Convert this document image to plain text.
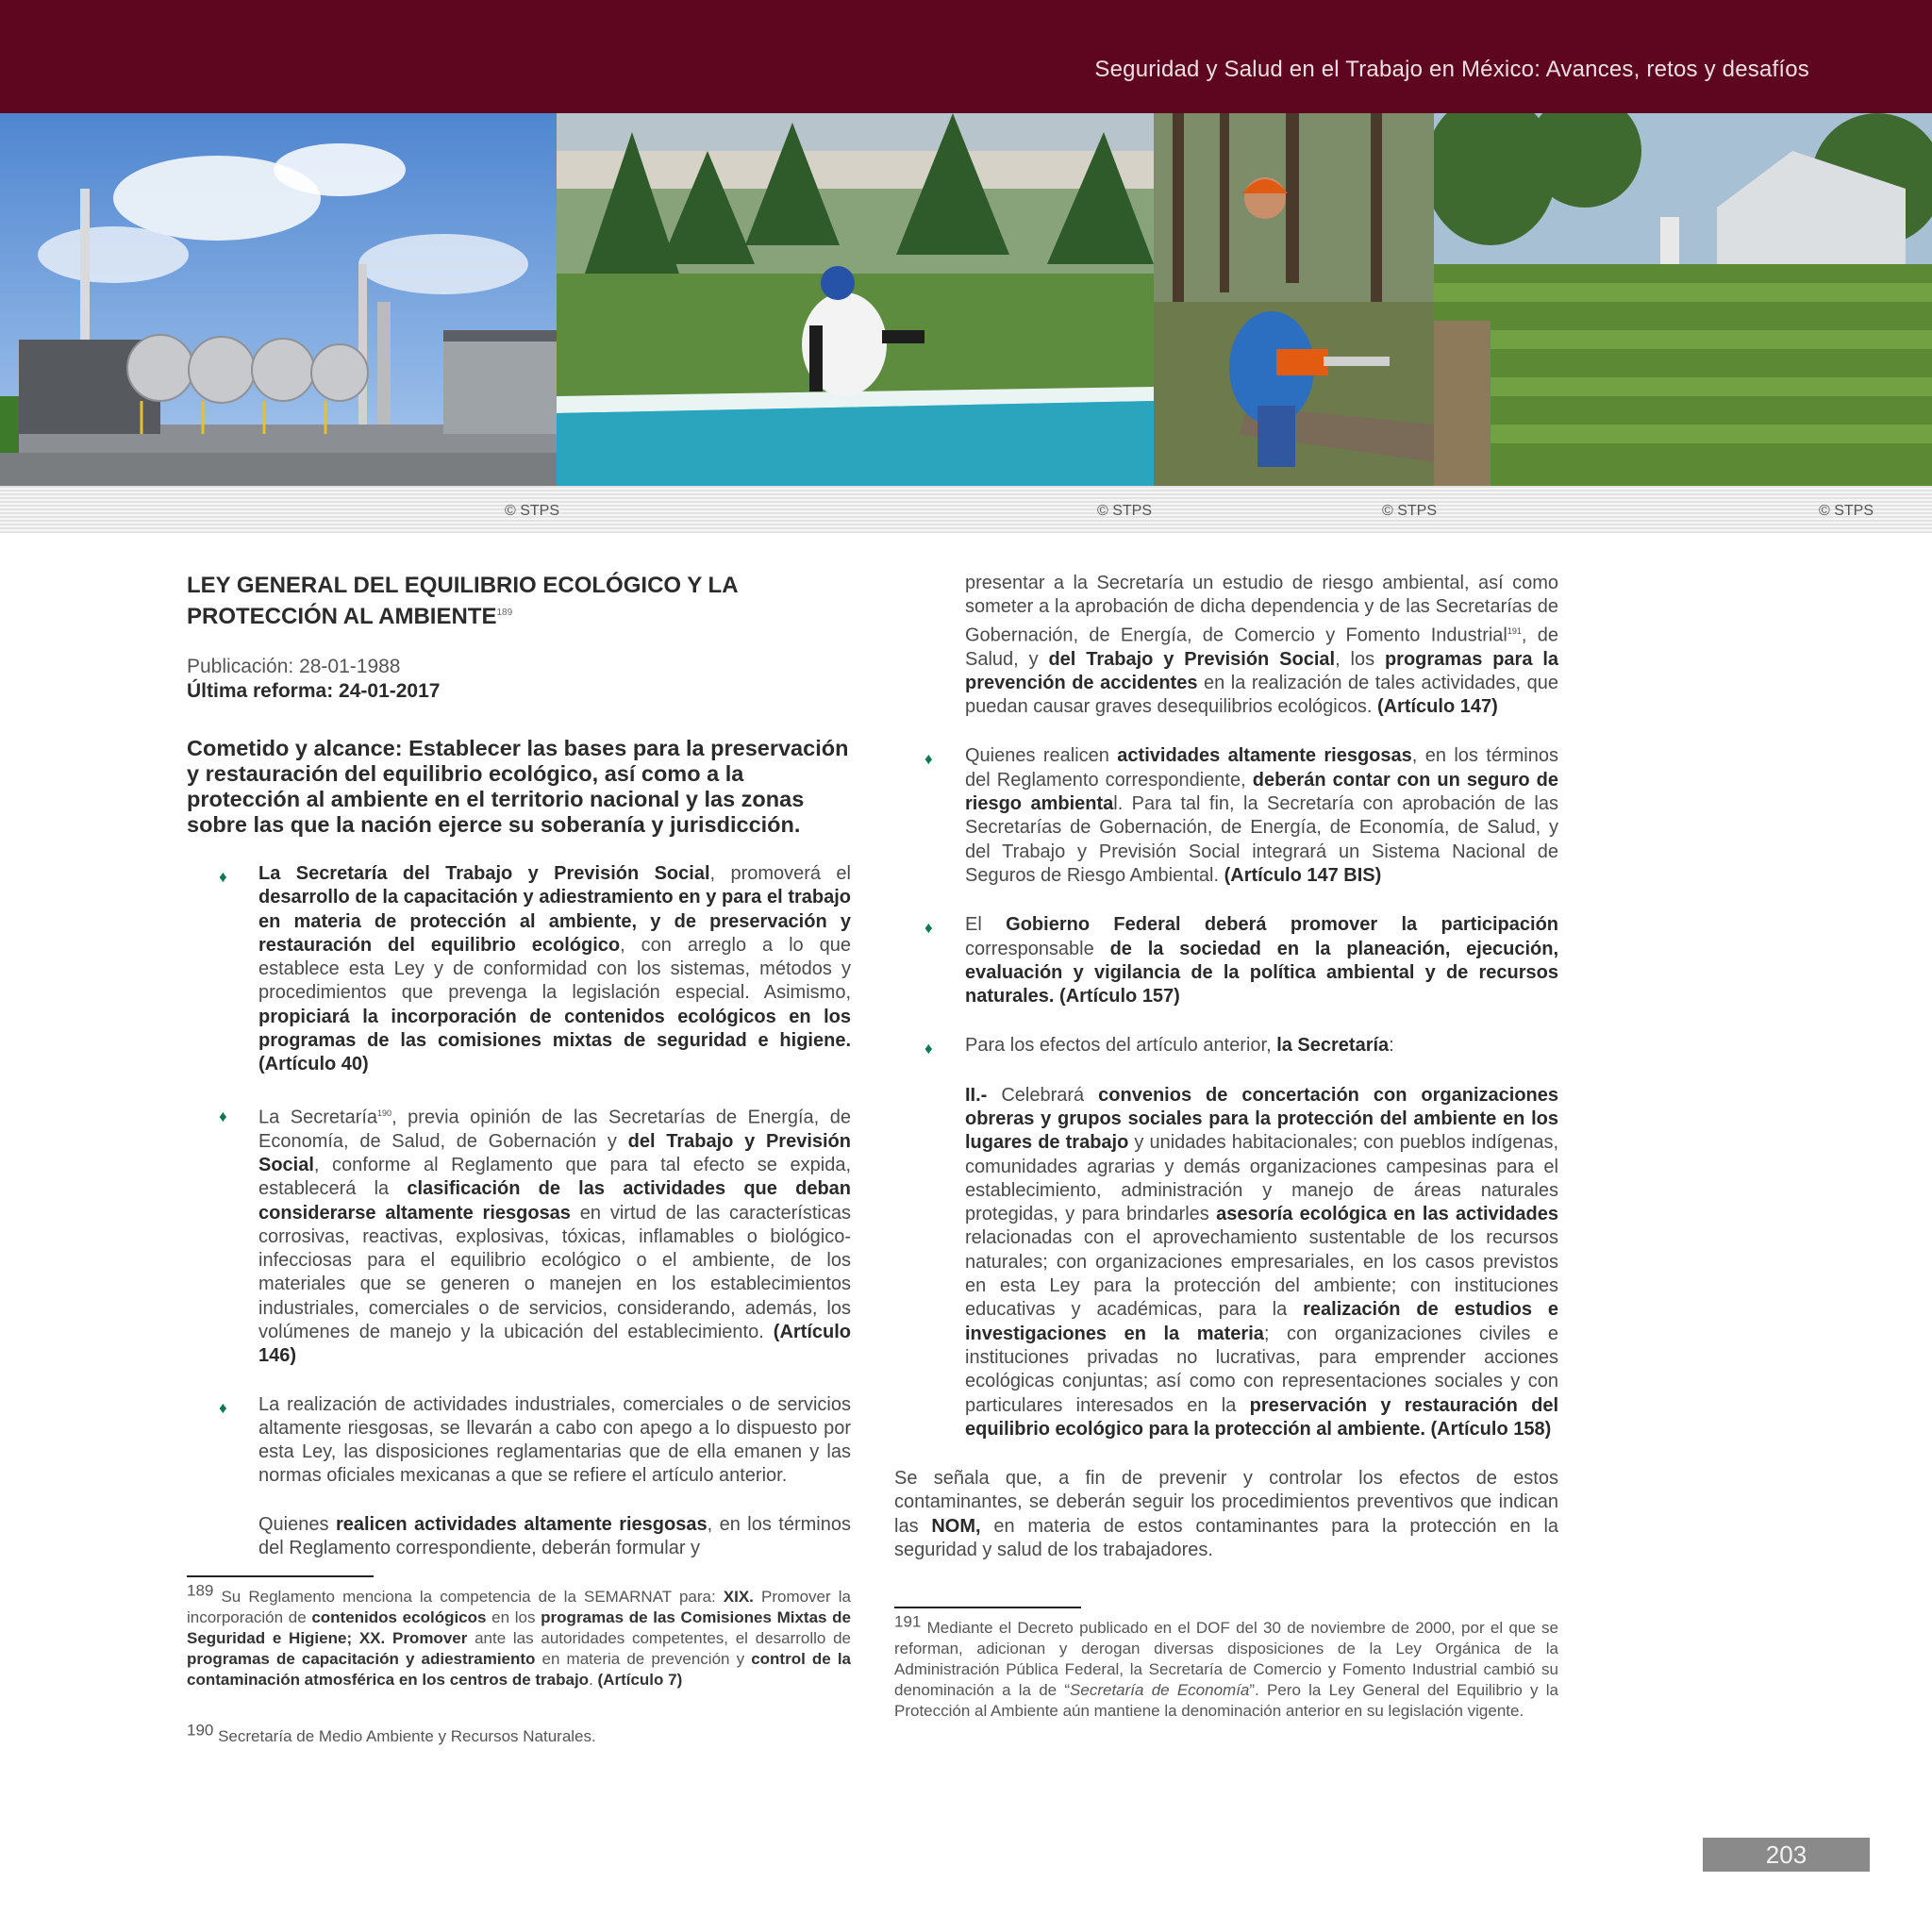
Seguridad y Salud en el Trabajo en México: Avances, retos y desafíos
© STPS	© STPS	© STPS	© STPS
LEY GENERAL DEL EQUILIBRIO ECOLÓGICO Y LA PROTECCIÓN AL AMBIENTE$^{189}$
Publicación: 28-01-1988
Última reforma: 24-01-2017
Cometido y alcance: Establecer las bases para la preservación y restauración del equilibrio ecológico, así como a la protección al ambiente en el territorio nacional y las zonas sobre las que la nación ejerce su soberanía y jurisdicción.
♦ La Secretaría del Trabajo y Previsión Social, promoverá el desarrollo de la capacitación y adiestramiento en y para el trabajo en materia de protección al ambiente, y de preservación y restauración del equilibrio ecológico, con arreglo a lo que establece esta Ley y de conformidad con los sistemas, métodos y procedimientos que prevenga la legislación especial. Asimismo, propiciará la incorporación de contenidos ecológicos en los programas de las comisiones mixtas de seguridad e higiene. (Artículo 40)
♦ La Secretaría$^{190}$, previa opinión de las Secretarías de Energía, de Economía, de Salud, de Gobernación y del Trabajo y Previsión Social, conforme al Reglamento que para tal efecto se expida, establecerá la clasificación de las actividades que deban considerarse altamente riesgosas en virtud de las características corrosivas, reactivas, explosivas, tóxicas, inflamables o biológico-infecciosas para el equilibrio ecológico o el ambiente, de los materiales que se generen o manejen en los establecimientos industriales, comerciales o de servicios, considerando, además, los volúmenes de manejo y la ubicación del establecimiento. (Artículo 146)
♦ La realización de actividades industriales, comerciales o de servicios altamente riesgosas, se llevarán a cabo con apego a lo dispuesto por esta Ley, las disposiciones reglamentarias que de ella emanen y las normas oficiales mexicanas a que se refiere el artículo anterior.
Quienes realicen actividades altamente riesgosas, en los términos del Reglamento correspondiente, deberán formular y
189 Su Reglamento menciona la competencia de la SEMARNAT para: XIX. Promover la incorporación de contenidos ecológicos en los programas de las Comisiones Mixtas de Seguridad e Higiene; XX. Promover ante las autoridades competentes, el desarrollo de programas de capacitación y adiestramiento en materia de prevención y control de la contaminación atmosférica en los centros de trabajo. (Artículo 7)
190 Secretaría de Medio Ambiente y Recursos Naturales.

presentar a la Secretaría un estudio de riesgo ambiental, así como someter a la aprobación de dicha dependencia y de las Secretarías de Gobernación, de Energía, de Comercio y Fomento Industrial$^{191}$, de Salud, y del Trabajo y Previsión Social, los programas para la prevención de accidentes en la realización de tales actividades, que puedan causar graves desequilibrios ecológicos. (Artículo 147)

♦ Quienes realicen actividades altamente riesgosas, en los términos del Reglamento correspondiente, deberán contar con un seguro de riesgo ambiental. Para tal fin, la Secretaría con aprobación de las Secretarías de Gobernación, de Energía, de Economía, de Salud, y del Trabajo y Previsión Social integrará un Sistema Nacional de Seguros de Riesgo Ambiental. (Artículo 147 BIS)
♦ El Gobierno Federal deberá promover la participación corresponsable de la sociedad en la planeación, ejecución, evaluación y vigilancia de la política ambiental y de recursos naturales. (Artículo 157)
♦ Para los efectos del artículo anterior, la Secretaría:

II.- Celebrará convenios de concertación con organizaciones obreras y grupos sociales para la protección del ambiente en los lugares de trabajo y unidades habitacionales; con pueblos indígenas, comunidades agrarias y demás organizaciones campesinas para el establecimiento, administración y manejo de áreas naturales protegidas, y para brindarles asesoría ecológica en las actividades relacionadas con el aprovechamiento sustentable de los recursos naturales; con organizaciones empresariales, en los casos previstos en esta Ley para la protección del ambiente; con instituciones educativas y académicas, para la realización de estudios e investigaciones en la materia; con organizaciones civiles e instituciones privadas no lucrativas, para emprender acciones ecológicas conjuntas; así como con representaciones sociales y con particulares interesados en la preservación y restauración del equilibrio ecológico para la protección al ambiente. (Artículo 158)

Se señala que, a fin de prevenir y controlar los efectos de estos contaminantes, se deberán seguir los procedimientos preventivos que indican las NOM, en materia de estos contaminantes para la protección en la seguridad y salud de los trabajadores.
191 Mediante el Decreto publicado en el DOF del 30 de noviembre de 2000, por el que se reforman, adicionan y derogan diversas disposiciones de la Ley Orgánica de la Administración Pública Federal, la Secretaría de Comercio y Fomento Industrial cambió su denominación a la de “Secretaría de Economía”. Pero la Ley General del Equilibrio y la Protección al Ambiente aún mantiene la denominación anterior en su legislación vigente.
203
